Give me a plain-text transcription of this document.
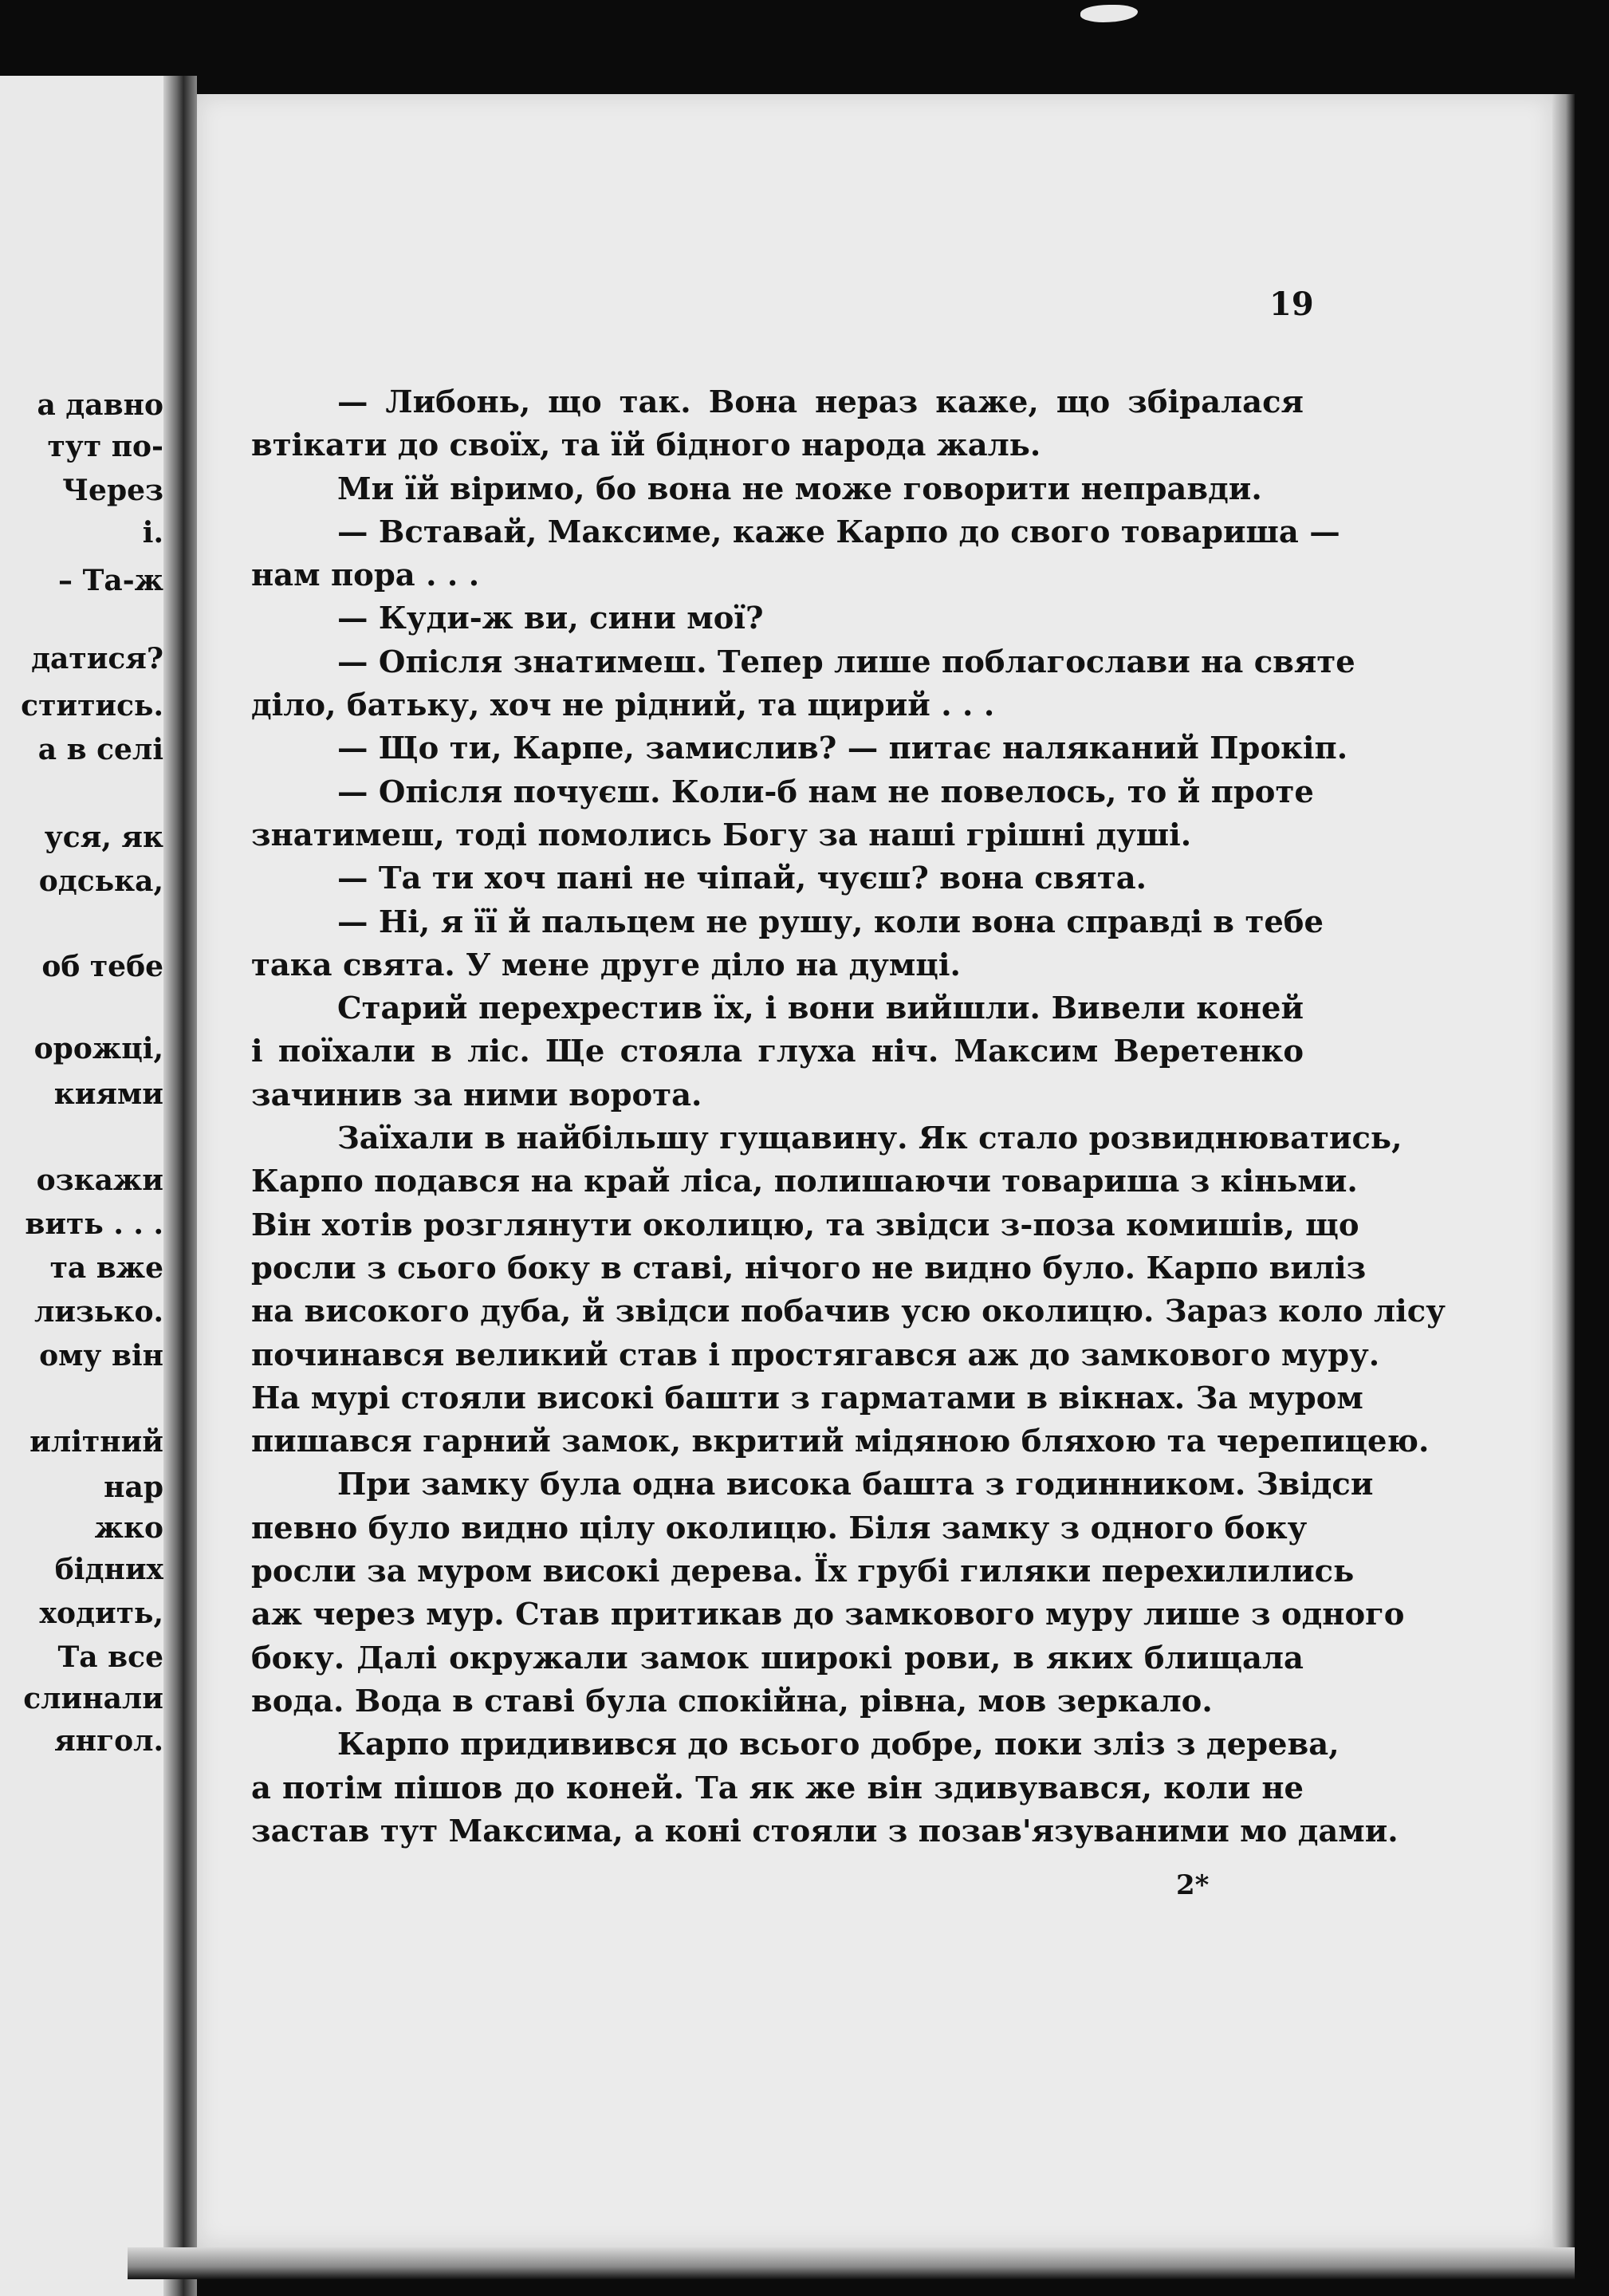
а давно
тут по-
Через
і.
– Та-ж
датися?
ститись.
а в селі
уся, як
одська,
об тебе
орожці,
киями
озкажи
вить . . .
та вже
лизько.
ому він
илітний
нар
жко
бідних
ходить,
Та все
слинали
янгол.
19
— Либонь, що так. Вона нераз каже, що збіралася
втікати до своїх, та їй бідного народа жаль.
Ми їй віримо, бо вона не може говорити неправди.
— Вставай, Максиме, каже Карпо до свого товариша —
нам пора . . .
— Куди-ж ви, сини мої?
— Опісля знатимеш. Тепер лише поблагослави на святе
діло, батьку, хоч не рідний, та щирий . . .
— Що ти, Карпе, замислив? — питає наляканий Прокіп.
— Опісля почуєш. Коли-б нам не повелось, то й проте
знатимеш, тоді помолись Богу за наші грішні душі.
— Та ти хоч пані не чіпай, чуєш? вона свята.
— Ні, я її й пальцем не рушу, коли вона справді в тебе
така свята. У мене друге діло на думці.
Старий перехрестив їх, і вони вийшли. Вивели коней
і поїхали в ліс. Ще стояла глуха ніч. Максим Веретенко
зачинив за ними ворота.
Заїхали в найбільшу гущавину. Як стало розвиднюватись,
Карпо подався на край ліса, полишаючи товариша з кіньми.
Він хотів розглянути околицю, та звідси з-поза комишів, що
росли з сього боку в ставі, нічого не видно було. Карпо виліз
на високого дуба, й звідси побачив усю околицю. Зараз коло лісу
починався великий став і простягався аж до замкового муру.
На мурі стояли високі башти з гарматами в вікнах. За муром
пишався гарний замок, вкритий мідяною бляхою та черепицею.
При замку була одна висока башта з годинником. Звідси
певно було видно цілу околицю. Біля замку з одного боку
росли за муром високі дерева. Їх грубі гиляки перехилились
аж через мур. Став притикав до замкового муру лише з одного
боку. Далі окружали замок широкі рови, в яких блищала
вода. Вода в ставі була спокійна, рівна, мов зеркало.
Карпо придивився до всього добре, поки зліз з дерева,
а потім пішов до коней. Та як же він здивувався, коли не
застав тут Максима, а коні стояли з позав'язуваними мо дами.
2*
